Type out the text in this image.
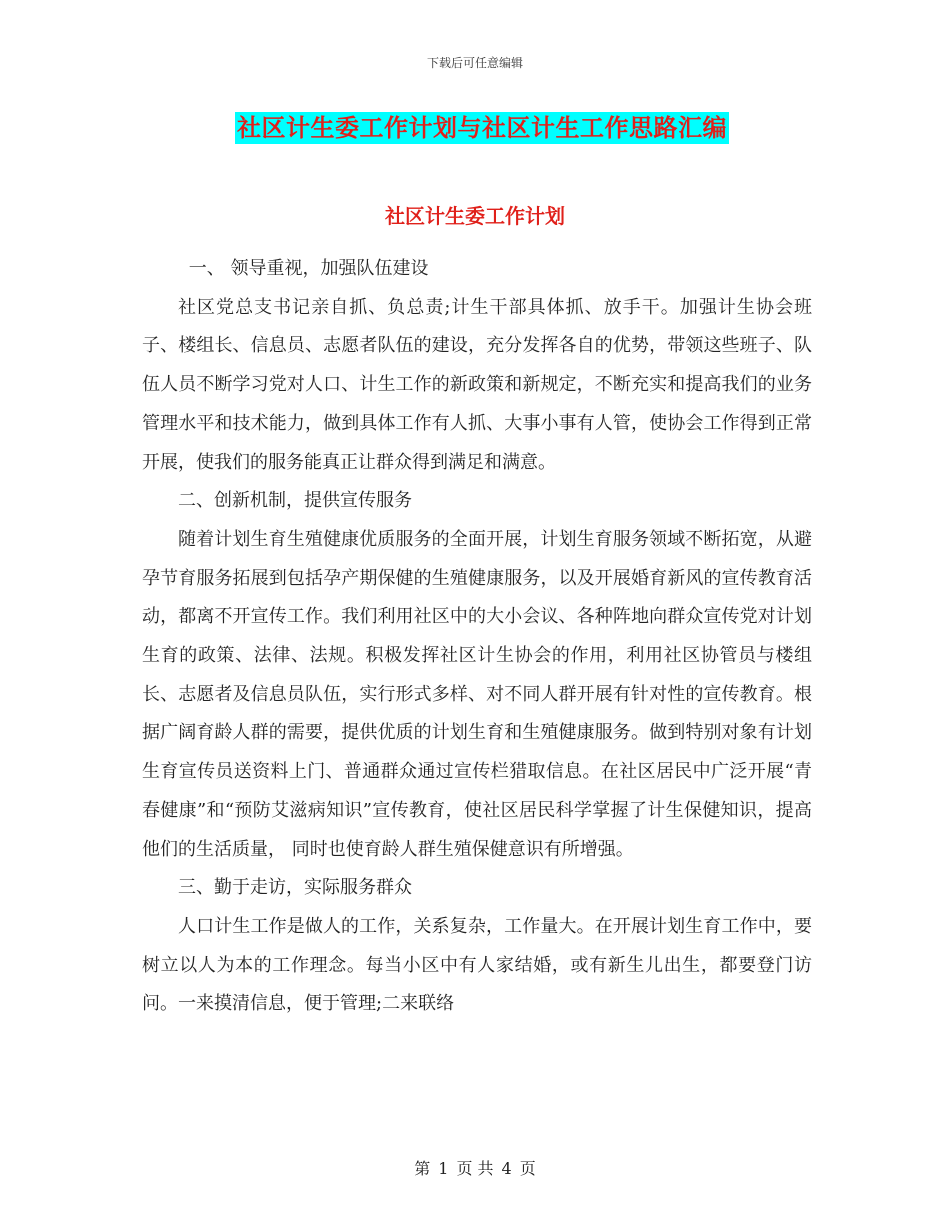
下载后可任意编辑
社区计生委工作计划与社区计生工作思路汇编
社区计生委工作计划

一、 领导重视，加强队伍建设

社区党总支书记亲自抓、负总责;计生干部具体抓、放手干。加强计生协会班子、楼组长、信息员、志愿者队伍的建设，充分发挥各自的优势，带领这些班子、队伍人员不断学习党对人口、计生工作的新政策和新规定，不断充实和提高我们的业务管理水平和技术能力，做到具体工作有人抓、大事小事有人管，使协会工作得到正常开展，使我们的服务能真正让群众得到满足和满意。

二、创新机制，提供宣传服务

随着计划生育生殖健康优质服务的全面开展，计划生育服务领域不断拓宽，从避孕节育服务拓展到包括孕产期保健的生殖健康服务，以及开展婚育新风的宣传教育活动，都离不开宣传工作。我们利用社区中的大小会议、各种阵地向群众宣传党对计划生育的政策、法律、法规。积极发挥社区计生协会的作用，利用社区协管员与楼组长、志愿者及信息员队伍，实行形式多样、对不同人群开展有针对性的宣传教育。根据广阔育龄人群的需要，提供优质的计划生育和生殖健康服务。做到特别对象有计划生育宣传员送资料上门、普通群众通过宣传栏猎取信息。在社区居民中广泛开展“青春健康”和“预防艾滋病知识”宣传教育，使社区居民科学掌握了计生保健知识，提高他们的生活质量， 同时也使育龄人群生殖保健意识有所增强。

三、勤于走访，实际服务群众

人口计生工作是做人的工作，关系复杂，工作量大。在开展计划生育工作中，要树立以人为本的工作理念。每当小区中有人家结婚，或有新生儿出生，都要登门访问。一来摸清信息，便于管理;二来联络

第 1 页 共 4 页
